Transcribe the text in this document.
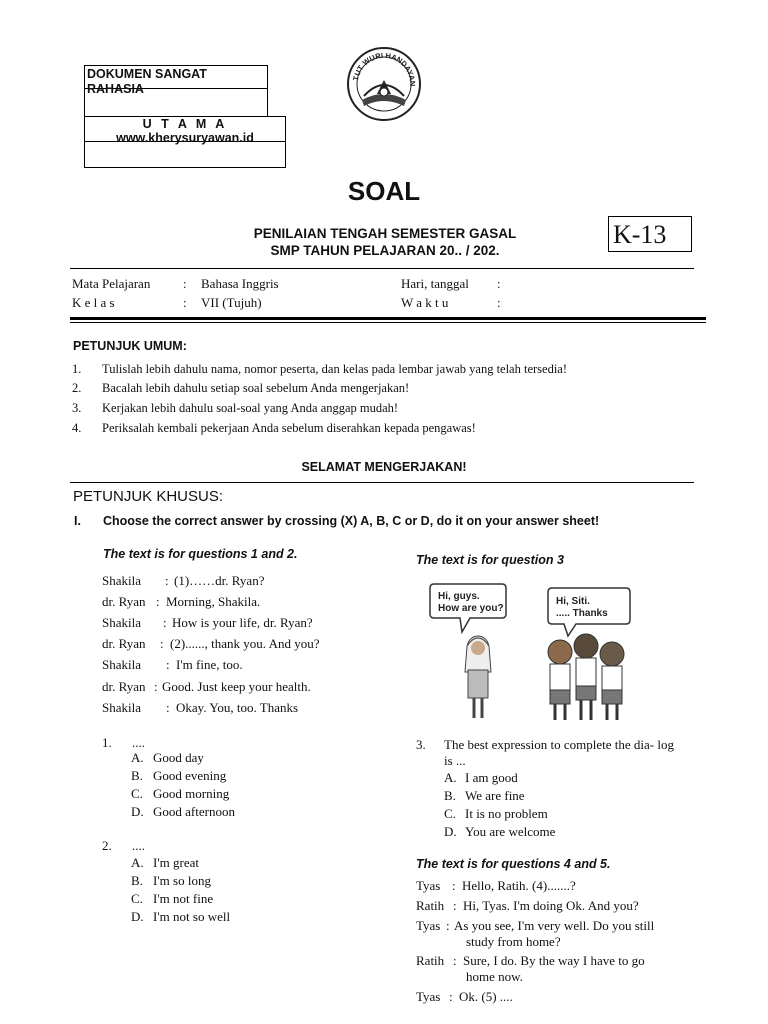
DOKUMEN SANGAT RAHASIA
U T A M A
www.kherysuryawan.id
TUT WURI HANDAYAN
SOAL
PENILAIAN TENGAH SEMESTER GASAL
SMP TAHUN PELAJARAN 20.. / 202.
K-13
Mata Pelajaran	: Bahasa Inggris	Hari, tanggal :
K e l a s	: VII (Tujuh)	W a k t u	:
PETUNJUK UMUM:
1. Tulislah lebih dahulu nama, nomor peserta, dan kelas pada lembar jawab yang telah tersedia!
2. Bacalah lebih dahulu setiap soal sebelum Anda mengerjakan!
3. Kerjakan lebih dahulu soal-soal yang Anda anggap mudah!
4. Periksalah kembali pekerjaan Anda sebelum diserahkan kepada pengawas!
SELAMAT MENGERJAKAN!
PETUNJUK KHUSUS:
I. Choose the correct answer by crossing (X) A, B, C or D, do it on your answer sheet!
The text is for questions 1 and 2.
Shakila : (1)……dr. Ryan?
dr. Ryan : Morning, Shakila.
Shakila : How is your life, dr. Ryan?
dr. Ryan : (2)......, thank you. And you?
Shakila : I'm fine, too.
dr. Ryan : Good. Just keep your health.
Shakila : Okay. You, too. Thanks
1. ....
A. Good day
B. Good evening
C. Good morning
D. Good afternoon
2. ....
A. I'm great
B. I'm so long
C. I'm not fine
D. I'm not so well
The text is for question 3
Hi, guys.
How are you?
Hi, Siti.
..... Thanks
3. The best expression to complete the dia- log
is ...
A. I am good
B. We are fine
C. It is no problem
D. You are welcome
The text is for questions 4 and 5.
Tyas : Hello, Ratih. (4).......?
Ratih : Hi, Tyas. I'm doing Ok. And you?
Tyas : As you see, I'm very well. Do you still
study from home?
Ratih : Sure, I do. By the way I have to go
home now.
Tyas : Ok. (5) ....
